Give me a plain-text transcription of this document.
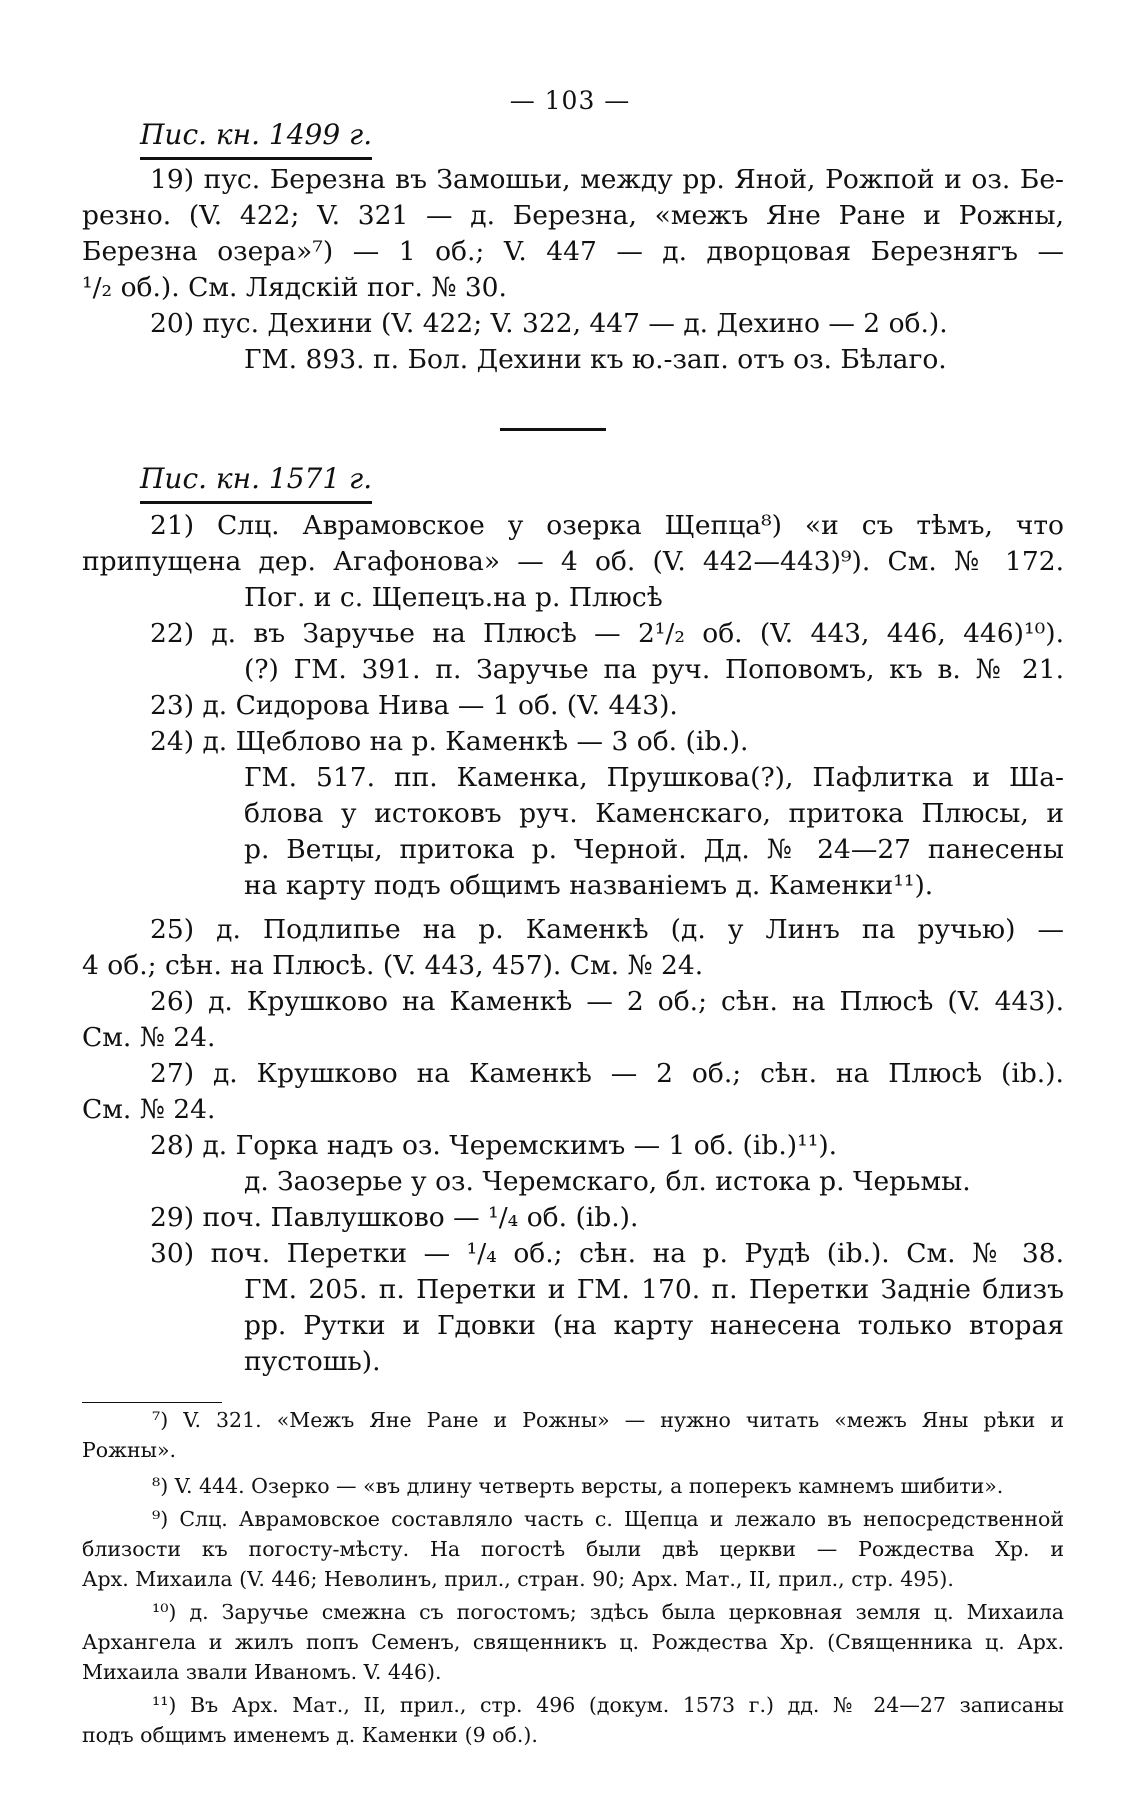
— 103 —
Пис. кн. 1499 г.
19) пус. Березна въ Замошьи, между рр. Яной, Рожпой и оз. Бе-
резно. (V. 422; V. 321 — д. Березна, «межъ Яне Ране и Рожны,
Березна озера»⁷) — 1 об.; V. 447 — д. дворцовая Березнягъ —
¹/₂ об.). См. Лядскій пог. № 30.
20) пус. Дехини (V. 422; V. 322, 447 — д. Дехино — 2 об.).
ГМ. 893. п. Бол. Дехини къ ю.-зап. отъ оз. Бѣлаго.
Пис. кн. 1571 г.
21) Слц. Аврамовское у озерка Щепца⁸) «и съ тѣмъ, что
припущена дер. Агафонова» — 4 об. (V. 442—443)⁹). См. № 172.
Пог. и с. Щепецъ.на р. Плюсѣ
22) д. въ Заручье на Плюсѣ — 2¹/₂ об. (V. 443, 446, 446)¹⁰).
(?) ГМ. 391. п. Заручье па руч. Поповомъ, къ в. № 21.
23) д. Сидорова Нива — 1 об. (V. 443).
24) д. Щеблово на р. Каменкѣ — 3 об. (ib.).
ГМ. 517. пп. Каменка, Прушкова(?), Пафлитка и Ша-
блова у истоковъ руч. Каменскаго, притока Плюсы, и
р. Ветцы, притока р. Черной. Дд. № 24—27 панесены
на карту подъ общимъ названіемъ д. Каменки¹¹).
25) д. Подлипье на р. Каменкѣ (д. у Линъ па ручью) —
4 об.; сѣн. на Плюсѣ. (V. 443, 457). См. № 24.
26) д. Крушково на Каменкѣ — 2 об.; сѣн. на Плюсѣ (V. 443).
См. № 24.
27) д. Крушково на Каменкѣ — 2 об.; сѣн. на Плюсѣ (ib.).
См. № 24.
28) д. Горка надъ оз. Черемскимъ — 1 об. (ib.)¹¹).
д. Заозерье у оз. Черемскаго, бл. истока р. Черьмы.
29) поч. Павлушково — ¹/₄ об. (ib.).
30) поч. Перетки — ¹/₄ об.; сѣн. на р. Рудѣ (ib.). См. № 38.
ГМ. 205. п. Перетки и ГМ. 170. п. Перетки Заднiе близъ
рр. Рутки и Гдовки (на карту нанесена только вторая
пустошь).
⁷) V. 321. «Межъ Яне Ране и Рожны» — нужно читать «межъ Яны рѣки и
Рожны».
⁸) V. 444. Озерко — «въ длину четверть версты, а поперекъ камнемъ шибити».
⁹) Слц. Аврамовское составляло часть с. Щепца и лежало въ непосредственной
близости къ погосту-мѣсту. На погостѣ были двѣ церкви — Рождества Хр. и
Арх. Михаила (V. 446; Неволинъ, прил., стран. 90; Арх. Мат., II, прил., стр. 495).
¹⁰) д. Заручье смежна съ погостомъ; здѣсь была церковная земля ц. Михаила
Архангела и жилъ попъ Семенъ, священникъ ц. Рождества Хр. (Священника ц. Арх.
Михаила звали Иваномъ. V. 446).
¹¹) Въ Арх. Мат., II, прил., стр. 496 (докум. 1573 г.) дд. № 24—27 записаны
подъ общимъ именемъ д. Каменки (9 об.).
